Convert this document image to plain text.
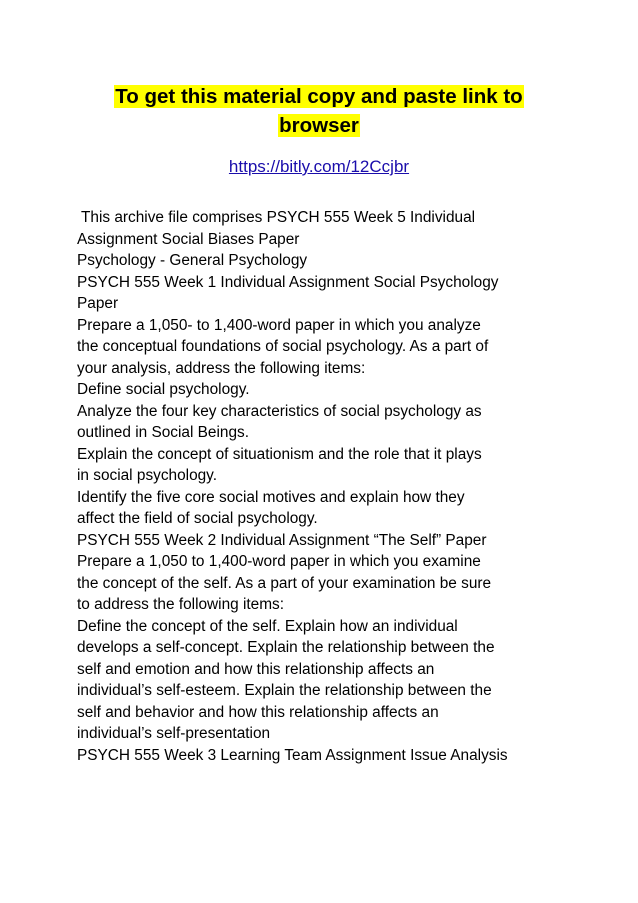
To get this material copy and paste link to
browser
https://bitly.com/12Ccjbr
This archive file comprises PSYCH 555 Week 5 Individual
Assignment Social Biases Paper
Psychology - General Psychology
PSYCH 555 Week 1 Individual Assignment Social Psychology
Paper
Prepare a 1,050- to 1,400-word paper in which you analyze
the conceptual foundations of social psychology. As a part of
your analysis, address the following items:
Define social psychology.
Analyze the four key characteristics of social psychology as
outlined in Social Beings.
Explain the concept of situationism and the role that it plays
in social psychology.
Identify the five core social motives and explain how they
affect the field of social psychology.
PSYCH 555 Week 2 Individual Assignment “The Self” Paper
Prepare a 1,050 to 1,400-word paper in which you examine
the concept of the self. As a part of your examination be sure
to address the following items:
Define the concept of the self. Explain how an individual
develops a self-concept. Explain the relationship between the
self and emotion and how this relationship affects an
individual’s self-esteem. Explain the relationship between the
self and behavior and how this relationship affects an
individual’s self-presentation
PSYCH 555 Week 3 Learning Team Assignment Issue Analysis
